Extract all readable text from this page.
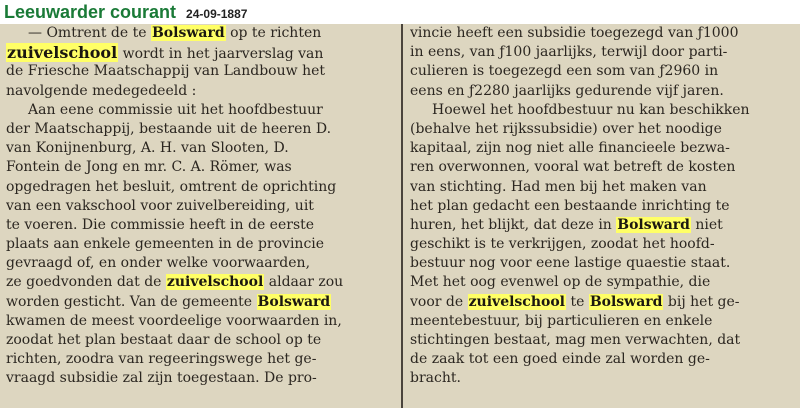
Leeuwarder courant 24-09-1887
— Omtrent de te Bolsward op te richten
zuivelschool wordt in het jaarverslag van
de Friesche Maatschappij van Landbouw het
navolgende medegedeeld :
Aan eene commissie uit het hoofdbestuur
der Maatschappij, bestaande uit de heeren D.
van Konijnenburg, A. H. van Slooten, D.
Fontein de Jong en mr. C. A. Römer, was
opgedragen het besluit, omtrent de oprichting
van een vakschool voor zuivelbereiding, uit
te voeren. Die commissie heeft in de eerste
plaats aan enkele gemeenten in de provincie
gevraagd of, en onder welke voorwaarden,
ze goedvonden dat de zuivelschool aldaar zou
worden gesticht. Van de gemeente Bolsward
kwamen de meest voordeelige voorwaarden in,
zoodat het plan bestaat daar de school op te
richten, zoodra van regeeringswege het ge-
vraagd subsidie zal zijn toegestaan. De pro-
vincie heeft een subsidie toegezegd van ƒ1000
in eens, van ƒ100 jaarlijks, terwijl door parti-
culieren is toegezegd een som van ƒ2960 in
eens en ƒ2280 jaarlijks gedurende vijf jaren.
Hoewel het hoofdbestuur nu kan beschikken
(behalve het rijkssubsidie) over het noodige
kapitaal, zijn nog niet alle financieele bezwa-
ren overwonnen, vooral wat betreft de kosten
van stichting. Had men bij het maken van
het plan gedacht een bestaande inrichting te
huren, het blijkt, dat deze in Bolsward niet
geschikt is te verkrijgen, zoodat het hoofd-
bestuur nog voor eene lastige quaestie staat.
Met het oog evenwel op de sympathie, die
voor de zuivelschool te Bolsward bij het ge-
meentebestuur, bij particulieren en enkele
stichtingen bestaat, mag men verwachten, dat
de zaak tot een goed einde zal worden ge-
bracht.
